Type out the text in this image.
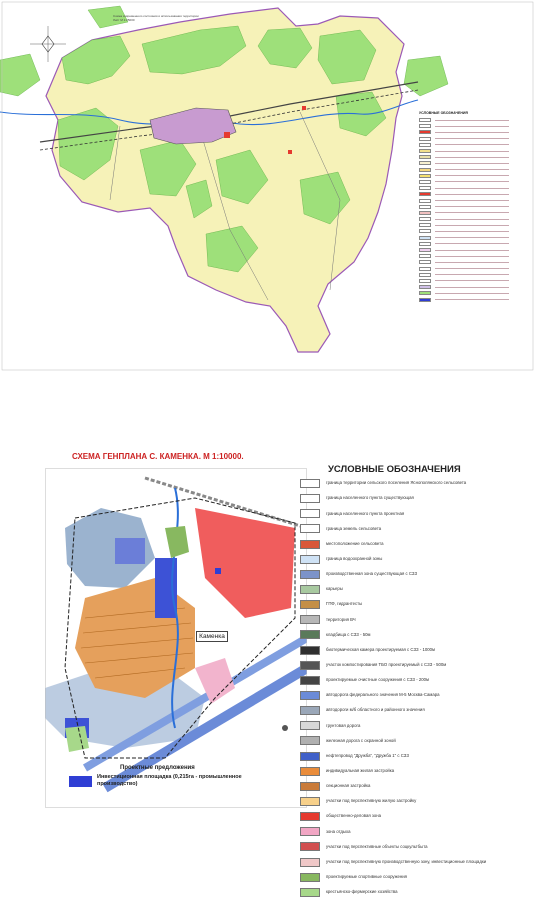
Схема современного состояния и использования территории
Лист M 1:25000
УСЛОВНЫЕ ОБОЗНАЧЕНИЯ
СХЕМА ГЕНПЛАНА С. КАМЕНКА. М 1:10000.
Каменка
УСЛОВНЫЕ ОБОЗНАЧЕНИЯ
граница территории сельского поселения Яснополянского сельсовета
граница населенного пункта существующая
граница населенного пункта проектная
граница земель сельсовета
местоположение сельсовета
граница водоохранной зоны
производственная зона существующая с СЗЗ
карьеры
ГПФ, гидрантесты
территория ВЧ
кладбища с СЗЗ - 50м
биотермическая камера проектируемая с СЗЗ - 1000м
участок компостирования ТБО проектируемый с СЗЗ - 500м
проектируемые очистные сооружения с СЗЗ - 200м
автодорога федерального значения М-5 Москва-Самара
автодороги м/б областного и районного значения
грунтовая дорога
железная дорога с охранной зоной
нефтепровод "Дружба", "Дружба 1" с СЗЗ
индивидуальная жилая застройка
секционная застройка
участки под перспективную жилую застройку
общественно-деловая зона
зона отдыха
участки под перспективные объекты соцкультбыта
участки под перспективную производственную зону, инвестиционные площадки
проектируемые спортивные сооружения
крестьянско-фермерские хозяйства
Проектные предложения
Инвестиционная площадка (0,215га - промышленное производство)
